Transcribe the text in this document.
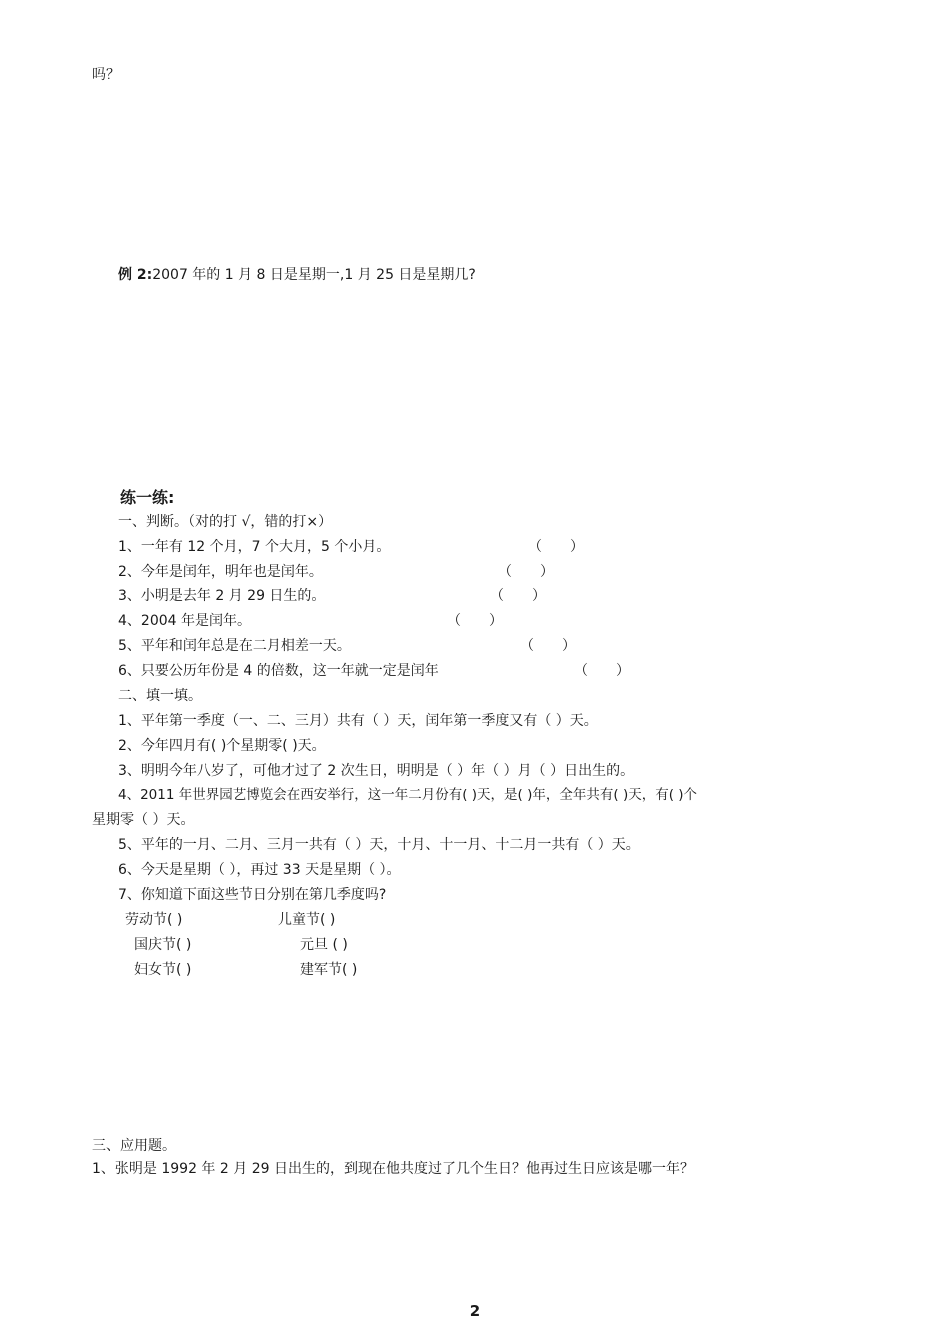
吗？
例 2:2007 年的 1 月 8 日是星期一,1 月 25 日是星期几?
练一练:
一、判断。（对的打 √，错的打×）
1、一年有 12 个月，7 个大月，5 个小月。	（　　）
2、今年是闰年，明年也是闰年。	（　　）
3、小明是去年 2 月 29 日生的。	（　　）
4、2004 年是闰年。	（　　）
5、平年和闰年总是在二月相差一天。	（　　）
6、只要公历年份是 4 的倍数，这一年就一定是闰年	（　　）
二、填一填。
1、平年第一季度（一、二、三月）共有（ ）天，闰年第一季度又有（ ）天。
2、今年四月有( )个星期零( )天。
3、明明今年八岁了，可他才过了 2 次生日，明明是（ ）年（ ）月（ ）日出生的。
4、2011 年世界园艺博览会在西安举行，这一年二月份有( )天，是( )年，全年共有( )天，有( )个
星期零（ ）天。
5、平年的一月、二月、三月一共有（ ）天，十月、十一月、十二月一共有（ ）天。
6、今天是星期（ ），再过 33 天是星期（ ）。
7、你知道下面这些节日分别在第几季度吗?
劳动节( )	儿童节( )
国庆节( )	元旦 ( )
妇女节( )	建军节( )
三、应用题。
1、张明是 1992 年 2 月 29 日出生的，到现在他共度过了几个生日？他再过生日应该是哪一年？
2
